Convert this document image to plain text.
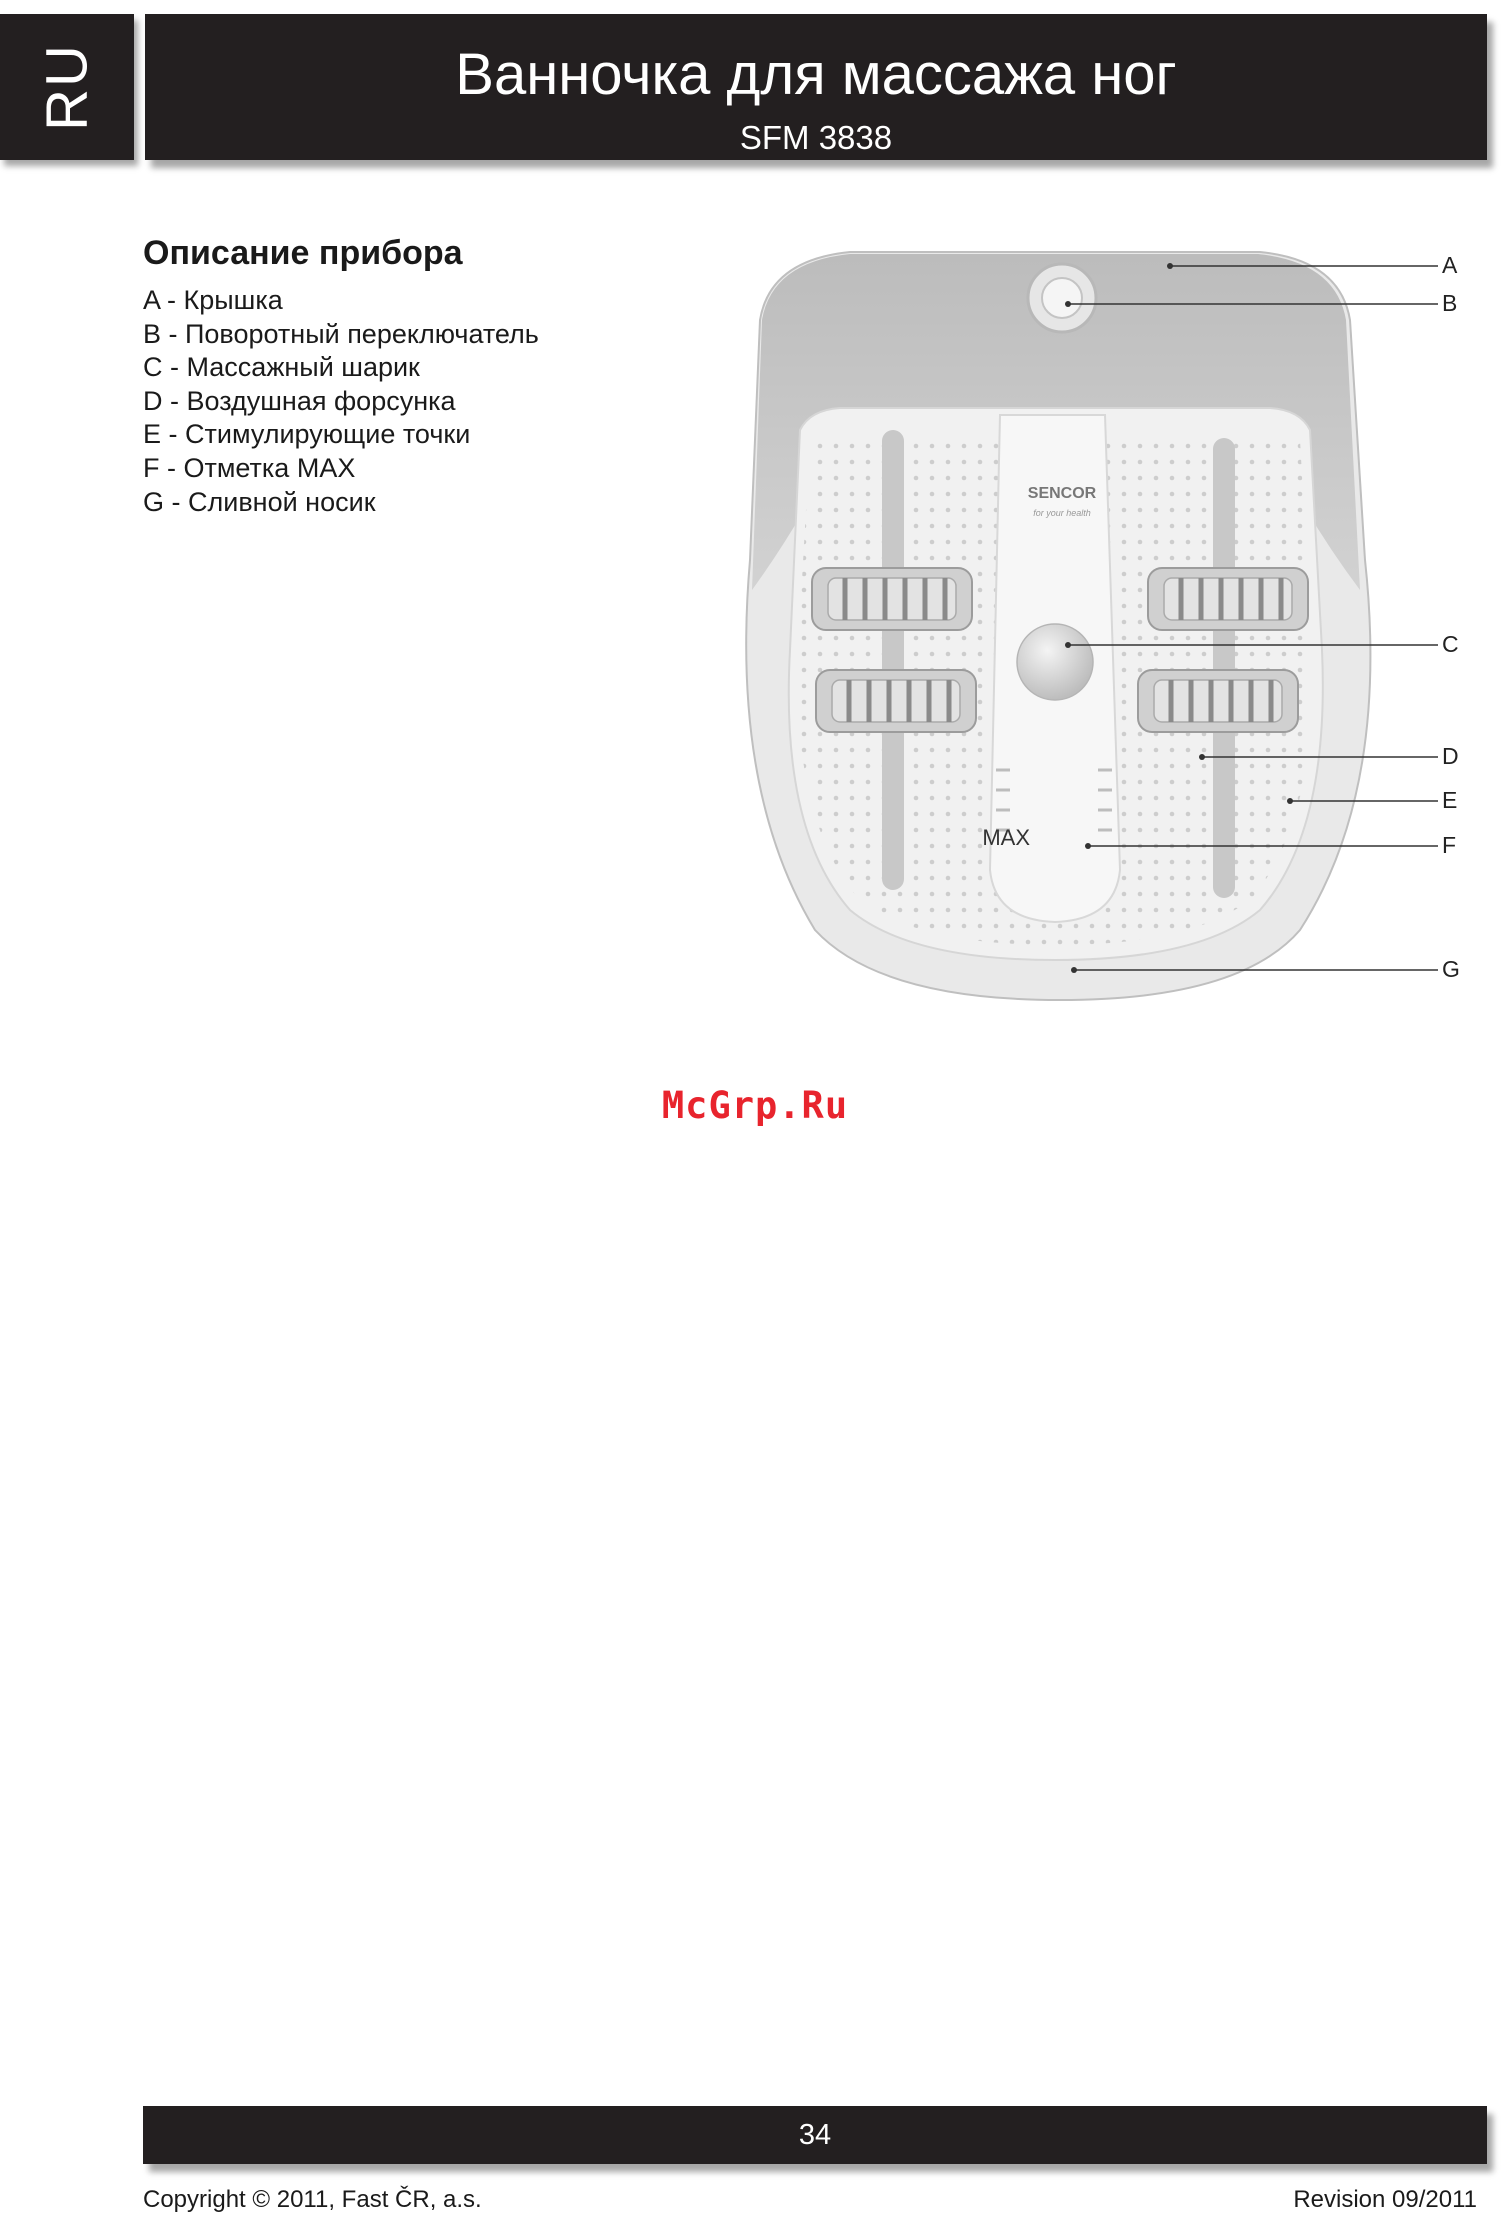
RU	Ванночка для массажа ног
SFM 3838
Описание прибора
A - Крышка
B - Поворотный переключатель
C - Массажный шарик
D - Воздушная форсунка
E - Стимулирующие точки
F - Отметка MAX
G - Сливной носик	SENCOR
for your health
MAX
A
B
C
D
E
F
G
McGrp.Ru
34
Copyright © 2011, Fast ČR, a.s.	Revision 09/2011
